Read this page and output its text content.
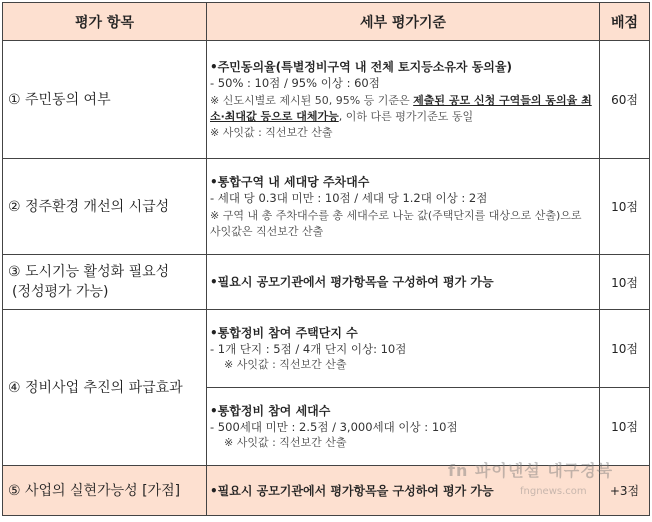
평가 항목	세부 평가기준	배점
① 주민동의 여부	•주민동의율(특별정비구역 내 전체 토지등소유자 동의율)
- 50% : 10점 / 95% 이상 : 60점
※ 신도시별로 제시된 50, 95% 등 기준은 제출된 공모 신청 구역들의 동의율 최소·최대값 등으로 대체가능, 이하 다른 평가기준도 동일
※ 사잇값 : 직선보간 산출	60점
② 정주환경 개선의 시급성	•통합구역 내 세대당 주차대수
- 세대 당 0.3대 미만 : 10점 / 세대 당 1.2대 이상 : 2점
※ 구역 내 총 주차대수를 총 세대수로 나눈 값(주택단지를 대상으로 산출)으로 사잇값은 직선보간 산출	10점

③ 도시기능 활성화 필요성
(정성평가 가능)	•필요시 공모기관에서 평가항목을 구성하여 평가 가능	10점
④ 정비사업 추진의 파급효과	•통합정비 참여 주택단지 수
- 1개 단지 : 5점 / 4개 단지 이상: 10점
※ 사잇값 : 직선보간 산출	10점

	•통합정비 참여 세대수
- 500세대 미만 : 2.5점 / 3,000세대 이상 : 10점
※ 사잇값 : 직선보간 산출	10점
⑤ 사업의 실현가능성 [가점]	•필요시 공모기관에서 평가항목을 구성하여 평가 가능	+3점
fn 파이낸셜 대구경북
fngnews.com
